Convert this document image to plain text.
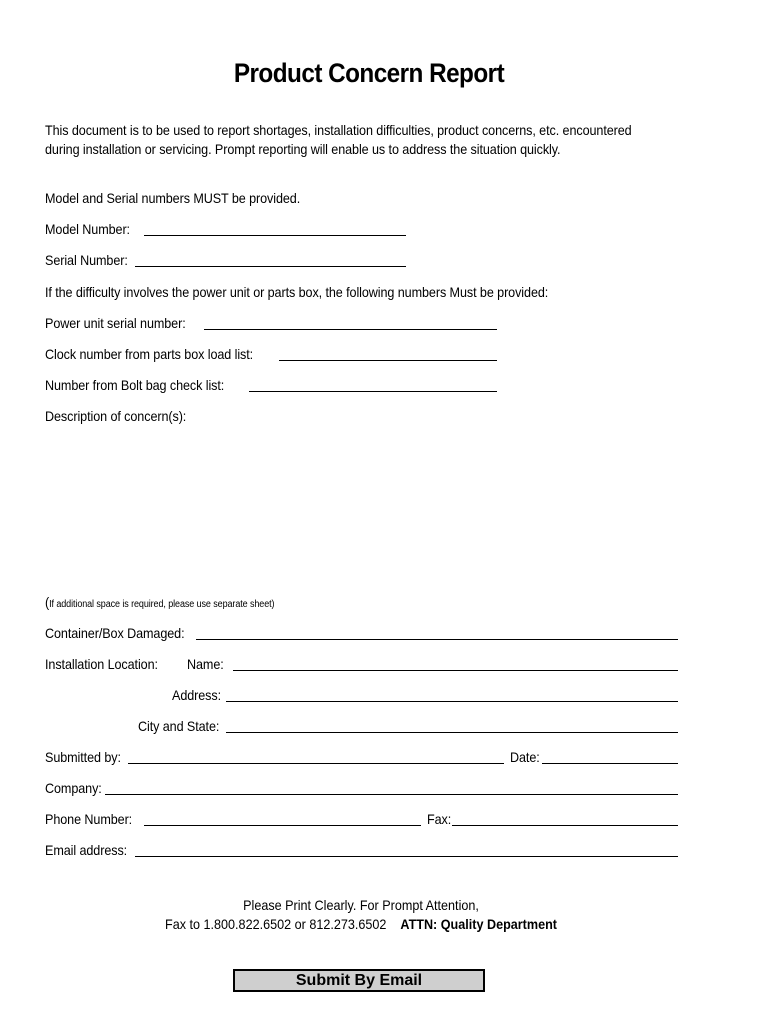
Product Concern Report
This document is to be used to report shortages, installation difficulties, product concerns, etc. encountered
during installation or servicing. Prompt reporting will enable us to address the situation quickly.
Model and Serial numbers MUST be provided.
Model Number:
Serial Number:
If the difficulty involves the power unit or parts box, the following numbers Must be provided:
Power unit serial number:
Clock number from parts box load list:
Number from Bolt bag check list:
Description of concern(s):
(If additional space is required, please use separate sheet)
Container/Box Damaged:
Installation Location: Name:
Address:
City and State:
Submitted by:	Date:
Company:
Phone Number:	Fax:
Email address:
Please Print Clearly. For Prompt Attention,
Fax to 1.800.822.6502 or 812.273.6502 ATTN: Quality Department
Submit By Email
